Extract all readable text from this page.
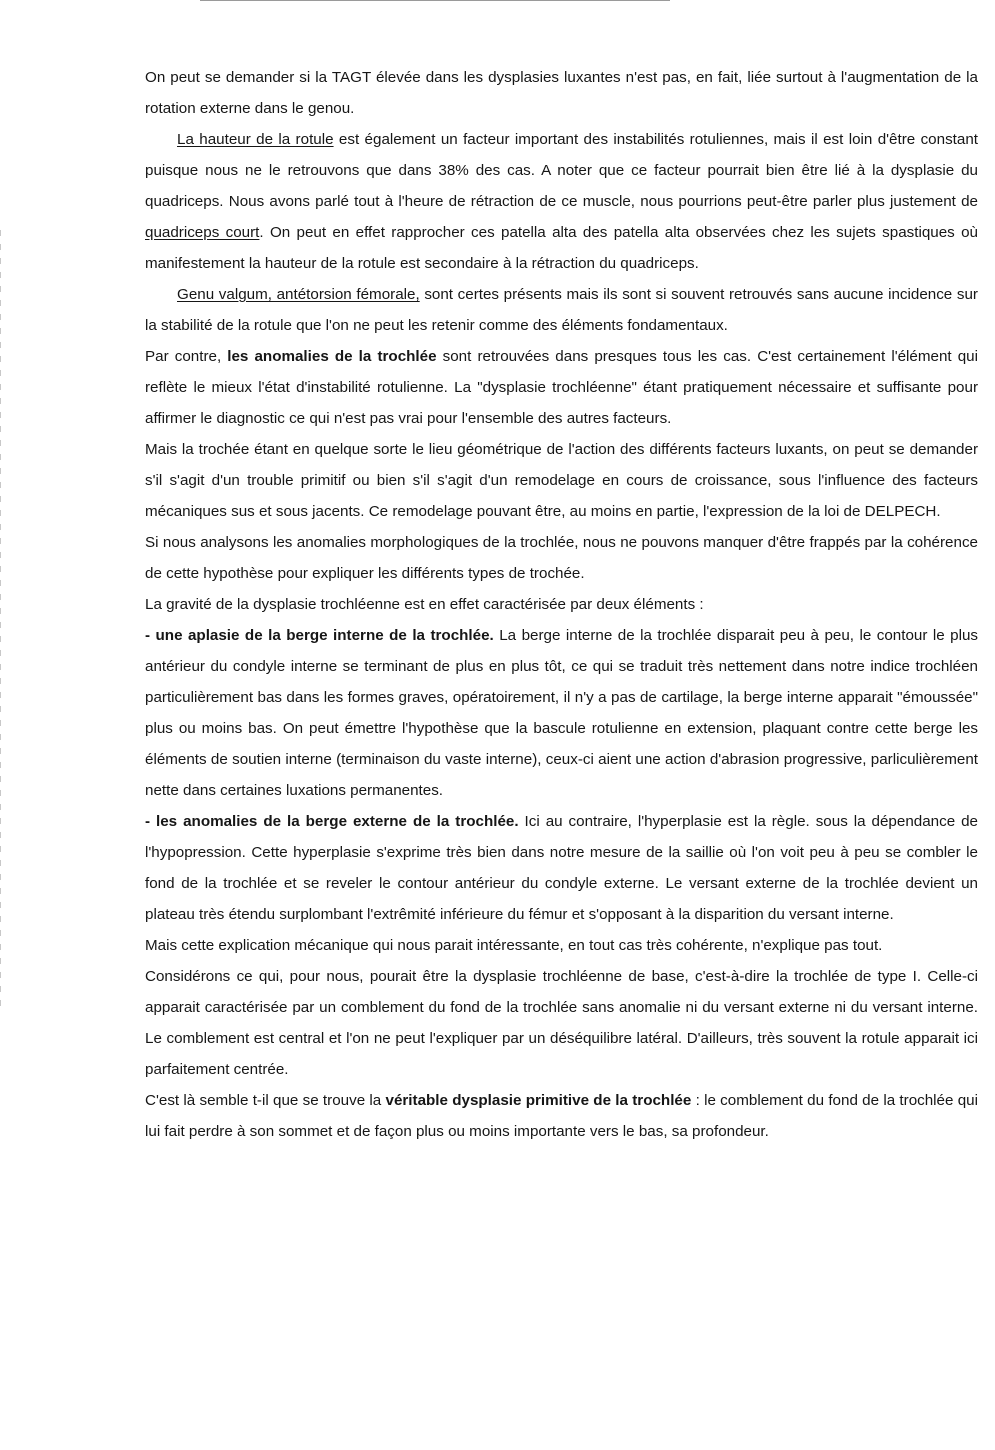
On peut se demander si la TAGT élevée dans les dysplasies luxantes n'est pas, en fait, liée surtout à l'augmentation de la rotation externe dans le genou.

La hauteur de la rotule est également un facteur important des instabilités rotuliennes, mais il est loin d'être constant puisque nous ne le retrouvons que dans 38% des cas. A noter que ce facteur pourrait bien être lié à la dysplasie du quadriceps. Nous avons parlé tout à l'heure de rétraction de ce muscle, nous pourrions peut-être parler plus justement de quadriceps court. On peut en effet rapprocher ces patella alta des patella alta observées chez les sujets spastiques où manifestement la hauteur de la rotule est secondaire à la rétraction du quadriceps.

Genu valgum, antétorsion fémorale, sont certes présents mais ils sont si souvent retrouvés sans aucune incidence sur la stabilité de la rotule que l'on ne peut les retenir comme des éléments fondamentaux.

Par contre, les anomalies de la trochlée sont retrouvées dans presques tous les cas. C'est certainement l'élément qui reflète le mieux l'état d'instabilité rotulienne. La "dysplasie trochléenne" étant pratiquement nécessaire et suffisante pour affirmer le diagnostic ce qui n'est pas vrai pour l'ensemble des autres facteurs.

Mais la trochée étant en quelque sorte le lieu géométrique de l'action des différents facteurs luxants, on peut se demander s'il s'agit d'un trouble primitif ou bien s'il s'agit d'un remodelage en cours de croissance, sous l'influence des facteurs mécaniques sus et sous jacents. Ce remodelage pouvant être, au moins en partie, l'expression de la loi de DELPECH.

Si nous analysons les anomalies morphologiques de la trochlée, nous ne pouvons manquer d'être frappés par la cohérence de cette hypothèse pour expliquer les différents types de trochée.

La gravité de la dysplasie trochléenne est en effet caractérisée par deux éléments :

- une aplasie de la berge interne de la trochlée. La berge interne de la trochlée disparait peu à peu, le contour le plus antérieur du condyle interne se terminant de plus en plus tôt, ce qui se traduit très nettement dans notre indice trochléen particulièrement bas dans les formes graves, opératoirement, il n'y a pas de cartilage, la berge interne apparait "émoussée" plus ou moins bas. On peut émettre l'hypothèse que la bascule rotulienne en extension, plaquant contre cette berge les éléments de soutien interne (terminaison du vaste interne), ceux-ci aient une action d'abrasion progressive, parliculièrement nette dans certaines luxations permanentes.

- les anomalies de la berge externe de la trochlée. Ici au contraire, l'hyperplasie est la règle. sous la dépendance de l'hypopression. Cette hyperplasie s'exprime très bien dans notre mesure de la saillie où l'on voit peu à peu se combler le fond de la trochlée et se reveler le contour antérieur du condyle externe. Le versant externe de la trochlée devient un plateau très étendu surplombant l'extrêmité inférieure du fémur et s'opposant à la disparition du versant interne.

Mais cette explication mécanique qui nous parait intéressante, en tout cas très cohérente, n'explique pas tout.

Considérons ce qui, pour nous, pourait être la dysplasie trochléenne de base, c'est-à-dire la trochlée de type I. Celle-ci apparait caractérisée par un comblement du fond de la trochlée sans anomalie ni du versant externe ni du versant interne. Le comblement est central et l'on ne peut l'expliquer par un déséquilibre latéral. D'ailleurs, très souvent la rotule apparait ici parfaitement centrée.

C'est là semble t-il que se trouve la véritable dysplasie primitive de la trochlée : le comblement du fond de la trochlée qui lui fait perdre à son sommet et de façon plus ou moins importante vers le bas, sa profondeur.
